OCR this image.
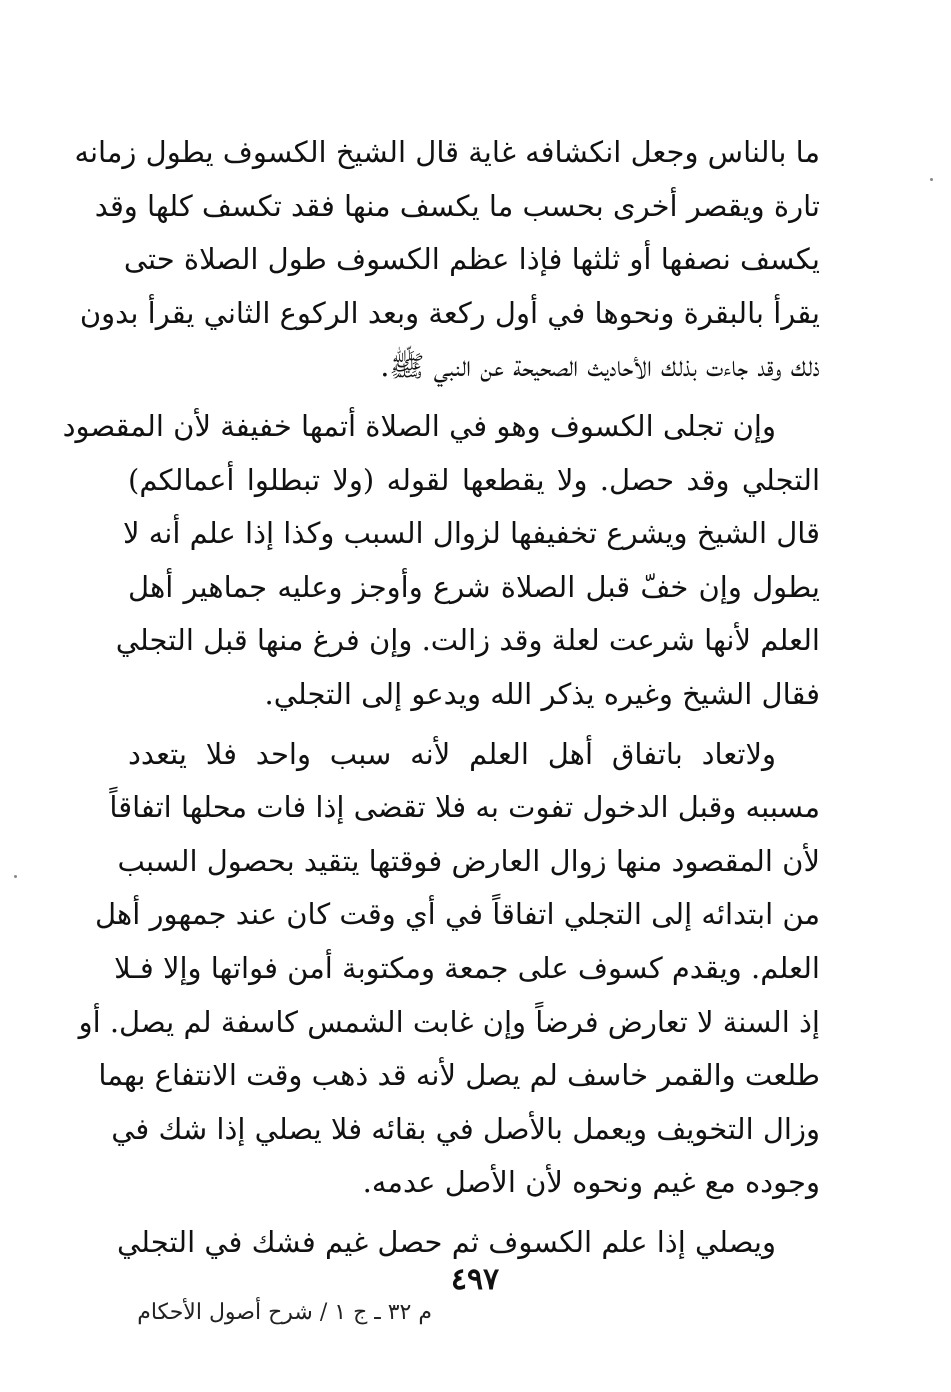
ما بالناس وجعل انكشافه غاية قال الشيخ الكسوف يطول زمانه
تارة ويقصر أخرى بحسب ما يكسف منها فقد تكسف كلها وقد
يكسف نصفها أو ثلثها فإذا عظم الكسوف طول الصلاة حتى
يقرأ بالبقرة ونحوها في أول ركعة وبعد الركوع الثاني يقرأ بدون
ذلك وقد جاءت بذلك الأحاديث الصحيحة عن النبي ﷺ.
وإن تجلى الكسوف وهو في الصلاة أتمها خفيفة لأن المقصود
التجلي وقد حصل. ولا يقطعها لقوله (ولا تبطلوا أعمالكم)
قال الشيخ ويشرع تخفيفها لزوال السبب وكذا إذا علم أنه لا
يطول وإن خفّ قبل الصلاة شرع وأوجز وعليه جماهير أهل
العلم لأنها شرعت لعلة وقد زالت. وإن فرغ منها قبل التجلي
فقال الشيخ وغيره يذكر الله ويدعو إلى التجلي.
ولاتعاد باتفاق أهل العلم لأنه سبب واحد فلا يتعدد
مسببه وقبل الدخول تفوت به فلا تقضى إذا فات محلها اتفاقاً
لأن المقصود منها زوال العارض فوقتها يتقيد بحصول السبب
من ابتدائه إلى التجلي اتفاقاً في أي وقت كان عند جمهور أهل
العلم. ويقدم كسوف على جمعة ومكتوبة أمن فواتها وإلا فـلا
إذ السنة لا تعارض فرضاً وإن غابت الشمس كاسفة لم يصل. أو
طلعت والقمر خاسف لم يصل لأنه قد ذهب وقت الانتفاع بهما
وزال التخويف ويعمل بالأصل في بقائه فلا يصلي إذا شك في
وجوده مع غيم ونحوه لأن الأصل عدمه.
ويصلي إذا علم الكسوف ثم حصل غيم فشك في التجلي
٤٩٧
م ٣٢ ـ ج ١ / شرح أصول الأحكام
